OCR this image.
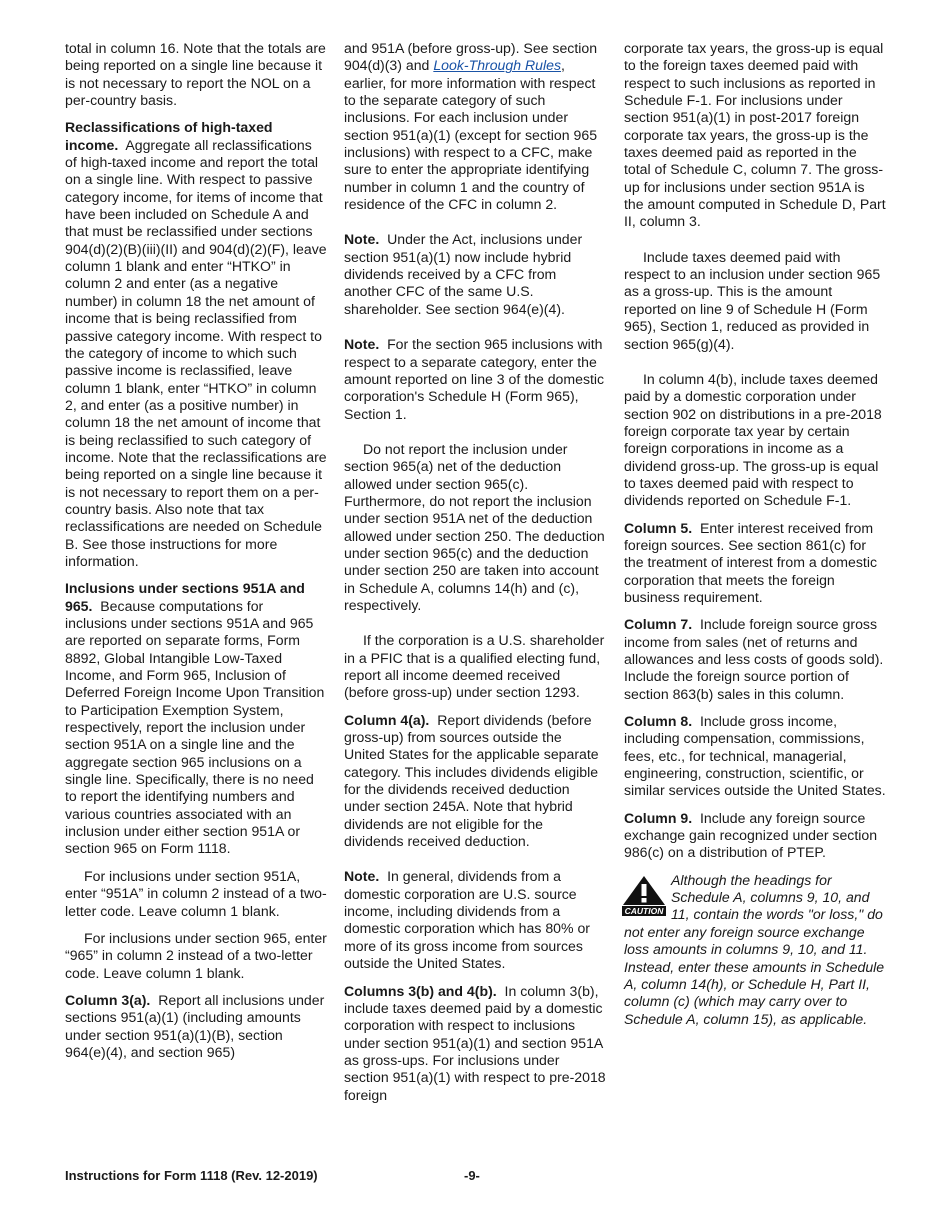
total in column 16. Note that the totals are being reported on a single line because it is not necessary to report the NOL on a per-country basis.

Reclassifications of high-taxed income. Aggregate all reclassifications of high-taxed income and report the total on a single line. With respect to passive category income, for items of income that have been included on Schedule A and that must be reclassified under sections 904(d)(2)(B)(iii)(II) and 904(d)(2)(F), leave column 1 blank and enter “HTKO” in column 2 and enter (as a negative number) in column 18 the net amount of income that is being reclassified from passive category income. With respect to the category of income to which such passive income is reclassified, leave column 1 blank, enter “HTKO” in column 2, and enter (as a positive number) in column 18 the net amount of income that is being reclassified to such category of income. Note that the reclassifications are being reported on a single line because it is not necessary to report them on a per-country basis. Also note that tax reclassifications are needed on Schedule B. See those instructions for more information.

Inclusions under sections 951A and 965. Because computations for inclusions under sections 951A and 965 are reported on separate forms, Form 8892, Global Intangible Low-Taxed Income, and Form 965, Inclusion of Deferred Foreign Income Upon Transition to Participation Exemption System, respectively, report the inclusion under section 951A on a single line and the aggregate section 965 inclusions on a single line. Specifically, there is no need to report the identifying numbers and various countries associated with an inclusion under either section 951A or section 965 on Form 1118.

For inclusions under section 951A, enter “951A” in column 2 instead of a two-letter code. Leave column 1 blank.

For inclusions under section 965, enter “965” in column 2 instead of a two-letter code. Leave column 1 blank.

Column 3(a). Report all inclusions under sections 951(a)(1) (including amounts under section 951(a)(1)(B), section 964(e)(4), and section 965)

and 951A (before gross-up). See section 904(d)(3) and Look-Through Rules, earlier, for more information with respect to the separate category of such inclusions. For each inclusion under section 951(a)(1) (except for section 965 inclusions) with respect to a CFC, make sure to enter the appropriate identifying number in column 1 and the country of residence of the CFC in column 2.

Note. Under the Act, inclusions under section 951(a)(1) now include hybrid dividends received by a CFC from another CFC of the same U.S. shareholder. See section 964(e)(4).

Note. For the section 965 inclusions with respect to a separate category, enter the amount reported on line 3 of the domestic corporation's Schedule H (Form 965), Section 1.

Do not report the inclusion under section 965(a) net of the deduction allowed under section 965(c). Furthermore, do not report the inclusion under section 951A net of the deduction allowed under section 250. The deduction under section 965(c) and the deduction under section 250 are taken into account in Schedule A, columns 14(h) and (c), respectively.

If the corporation is a U.S. shareholder in a PFIC that is a qualified electing fund, report all income deemed received (before gross-up) under section 1293.

Column 4(a). Report dividends (before gross-up) from sources outside the United States for the applicable separate category. This includes dividends eligible for the dividends received deduction under section 245A. Note that hybrid dividends are not eligible for the dividends received deduction.

Note. In general, dividends from a domestic corporation are U.S. source income, including dividends from a domestic corporation which has 80% or more of its gross income from sources outside the United States.

Columns 3(b) and 4(b). In column 3(b), include taxes deemed paid by a domestic corporation with respect to inclusions under section 951(a)(1) and section 951A as gross-ups. For inclusions under section 951(a)(1) with respect to pre-2018 foreign

corporate tax years, the gross-up is equal to the foreign taxes deemed paid with respect to such inclusions as reported in Schedule F-1. For inclusions under section 951(a)(1) in post-2017 foreign corporate tax years, the gross-up is the taxes deemed paid as reported in the total of Schedule C, column 7. The gross-up for inclusions under section 951A is the amount computed in Schedule D, Part II, column 3.

Include taxes deemed paid with respect to an inclusion under section 965 as a gross-up. This is the amount reported on line 9 of Schedule H (Form 965), Section 1, reduced as provided in section 965(g)(4).

In column 4(b), include taxes deemed paid by a domestic corporation under section 902 on distributions in a pre-2018 foreign corporate tax year by certain foreign corporations in income as a dividend gross-up. The gross-up is equal to taxes deemed paid with respect to dividends reported on Schedule F-1.

Column 5. Enter interest received from foreign sources. See section 861(c) for the treatment of interest from a domestic corporation that meets the foreign business requirement.

Column 7. Include foreign source gross income from sales (net of returns and allowances and less costs of goods sold). Include the foreign source portion of section 863(b) sales in this column.

Column 8. Include gross income, including compensation, commissions, fees, etc., for technical, managerial, engineering, construction, scientific, or similar services outside the United States.

Column 9. Include any foreign source exchange gain recognized under section 986(c) on a distribution of PTEP.

CAUTION
Although the headings for Schedule A, columns 9, 10, and 11, contain the words "or loss," do not enter any foreign source exchange loss amounts in columns 9, 10, and 11. Instead, enter these amounts in Schedule A, column 14(h), or Schedule H, Part II, column (c) (which may carry over to Schedule A, column 15), as applicable.
Instructions for Form 1118 (Rev. 12-2019)	-9-
